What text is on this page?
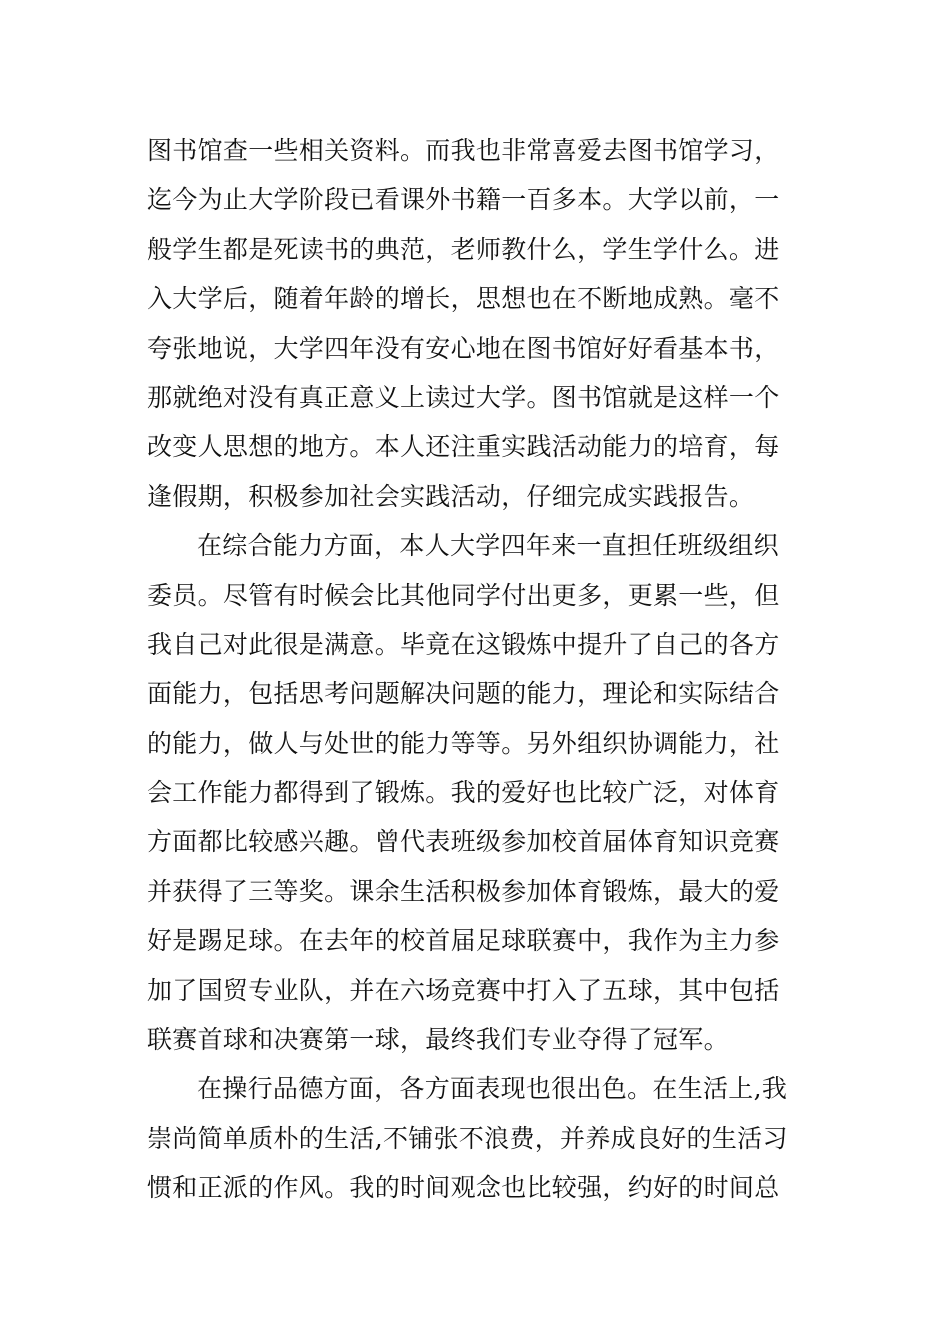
图书馆查一些相关资料。而我也非常喜爱去图书馆学习，
迄今为止大学阶段已看课外书籍一百多本。大学以前，一
般学生都是死读书的典范，老师教什么，学生学什么。进
入大学后，随着年龄的增长，思想也在不断地成熟。毫不
夸张地说，大学四年没有安心地在图书馆好好看基本书，
那就绝对没有真正意义上读过大学。图书馆就是这样一个
改变人思想的地方。本人还注重实践活动能力的培育，每
逢假期，积极参加社会实践活动，仔细完成实践报告。
在综合能力方面，本人大学四年来一直担任班级组织
委员。尽管有时候会比其他同学付出更多，更累一些，但
我自己对此很是满意。毕竟在这锻炼中提升了自己的各方
面能力，包括思考问题解决问题的能力，理论和实际结合
的能力，做人与处世的能力等等。另外组织协调能力，社
会工作能力都得到了锻炼。我的爱好也比较广泛，对体育
方面都比较感兴趣。曾代表班级参加校首届体育知识竞赛
并获得了三等奖。课余生活积极参加体育锻炼，最大的爱
好是踢足球。在去年的校首届足球联赛中，我作为主力参
加了国贸专业队，并在六场竞赛中打入了五球，其中包括
联赛首球和决赛第一球，最终我们专业夺得了冠军。
在操行品德方面，各方面表现也很出色。在生活上,我
崇尚简单质朴的生活,不铺张不浪费，并养成良好的生活习
惯和正派的作风。我的时间观念也比较强，约好的时间总
